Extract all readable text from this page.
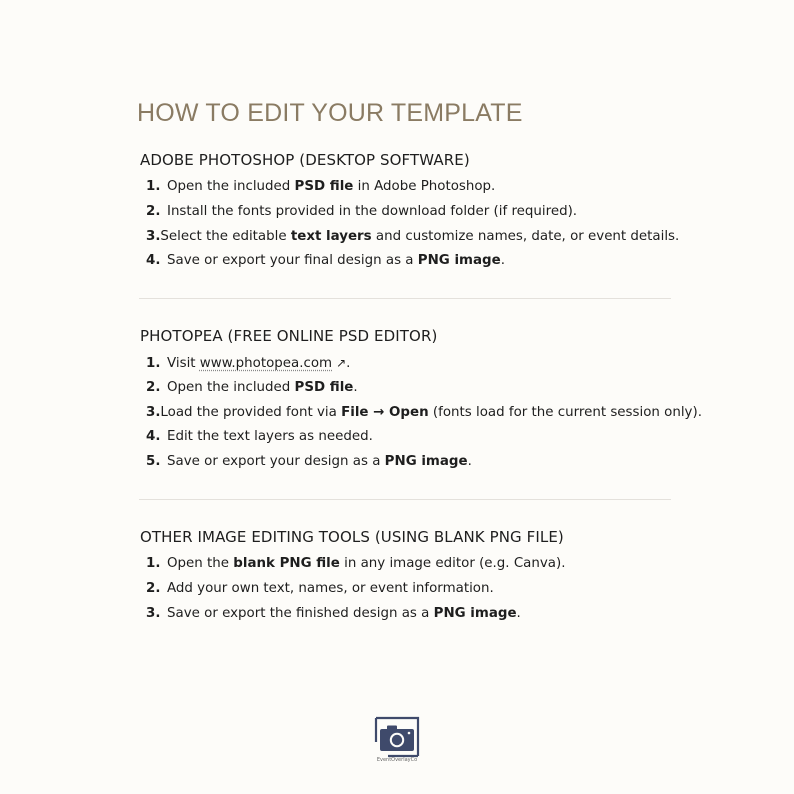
HOW TO EDIT YOUR TEMPLATE
ADOBE PHOTOSHOP (DESKTOP SOFTWARE)
1. Open the included PSD file in Adobe Photoshop.
2. Install the fonts provided in the download folder (if required).
3. Select the editable text layers and customize names, date, or event details.
4. Save or export your final design as a PNG image.
PHOTOPEA (FREE ONLINE PSD EDITOR)
1. Visit www.photopea.com ↗.
2. Open the included PSD file.
3. Load the provided font via File → Open (fonts load for the current session only).
4. Edit the text layers as needed.
5. Save or export your design as a PNG image.
OTHER IMAGE EDITING TOOLS (USING BLANK PNG FILE)
1. Open the blank PNG file in any image editor (e.g. Canva).
2. Add your own text, names, or event information.
3. Save or export the finished design as a PNG image.
EventOverlayCo
